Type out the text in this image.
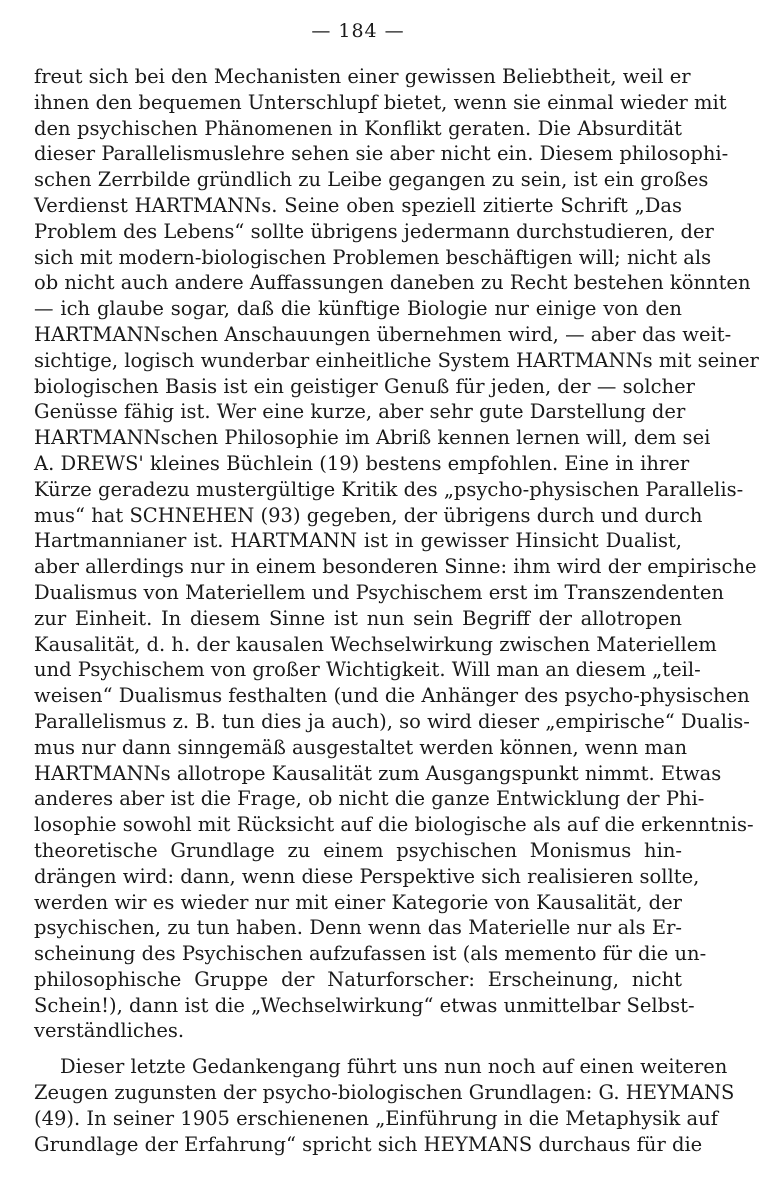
— 184 —
freut sich bei den Mechanisten einer gewissen Beliebtheit, weil er
ihnen den bequemen Unterschlupf bietet, wenn sie einmal wieder mit
den psychischen Phänomenen in Konflikt geraten. Die Absurdität
dieser Parallelismuslehre sehen sie aber nicht ein. Diesem philosophi-
schen Zerrbilde gründlich zu Leibe gegangen zu sein, ist ein großes
Verdienst HARTMANNs. Seine oben speziell zitierte Schrift „Das
Problem des Lebens“ sollte übrigens jedermann durchstudieren, der
sich mit modern-biologischen Problemen beschäftigen will; nicht als
ob nicht auch andere Auffassungen daneben zu Recht bestehen könnten
— ich glaube sogar, daß die künftige Biologie nur einige von den
HARTMANNschen Anschauungen übernehmen wird, — aber das weit-
sichtige, logisch wunderbar einheitliche System HARTMANNs mit seiner
biologischen Basis ist ein geistiger Genuß für jeden, der — solcher
Genüsse fähig ist. Wer eine kurze, aber sehr gute Darstellung der
HARTMANNschen Philosophie im Abriß kennen lernen will, dem sei
A. DREWS' kleines Büchlein (19) bestens empfohlen. Eine in ihrer
Kürze geradezu mustergültige Kritik des „psycho-physischen Parallelis-
mus“ hat SCHNEHEN (93) gegeben, der übrigens durch und durch
Hartmannianer ist. HARTMANN ist in gewisser Hinsicht Dualist,
aber allerdings nur in einem besonderen Sinne: ihm wird der empirische
Dualismus von Materiellem und Psychischem erst im Transzendenten
zur Einheit. In diesem Sinne ist nun sein Begriff der allotropen
Kausalität, d. h. der kausalen Wechselwirkung zwischen Materiellem
und Psychischem von großer Wichtigkeit. Will man an diesem „teil-
weisen“ Dualismus festhalten (und die Anhänger des psycho-physischen
Parallelismus z. B. tun dies ja auch), so wird dieser „empirische“ Dualis-
mus nur dann sinngemäß ausgestaltet werden können, wenn man
HARTMANNs allotrope Kausalität zum Ausgangspunkt nimmt. Etwas
anderes aber ist die Frage, ob nicht die ganze Entwicklung der Phi-
losophie sowohl mit Rücksicht auf die biologische als auf die erkenntnis-
theoretische Grundlage zu einem psychischen Monismus hin-
drängen wird: dann, wenn diese Perspektive sich realisieren sollte,
werden wir es wieder nur mit einer Kategorie von Kausalität, der
psychischen, zu tun haben. Denn wenn das Materielle nur als Er-
scheinung des Psychischen aufzufassen ist (als memento für die un-
philosophische Gruppe der Naturforscher: Erscheinung, nicht
Schein!), dann ist die „Wechselwirkung“ etwas unmittelbar Selbst-
verständliches.
Dieser letzte Gedankengang führt uns nun noch auf einen weiteren
Zeugen zugunsten der psycho-biologischen Grundlagen: G. HEYMANS
(49). In seiner 1905 erschienenen „Einführung in die Metaphysik auf
Grundlage der Erfahrung“ spricht sich HEYMANS durchaus für die
